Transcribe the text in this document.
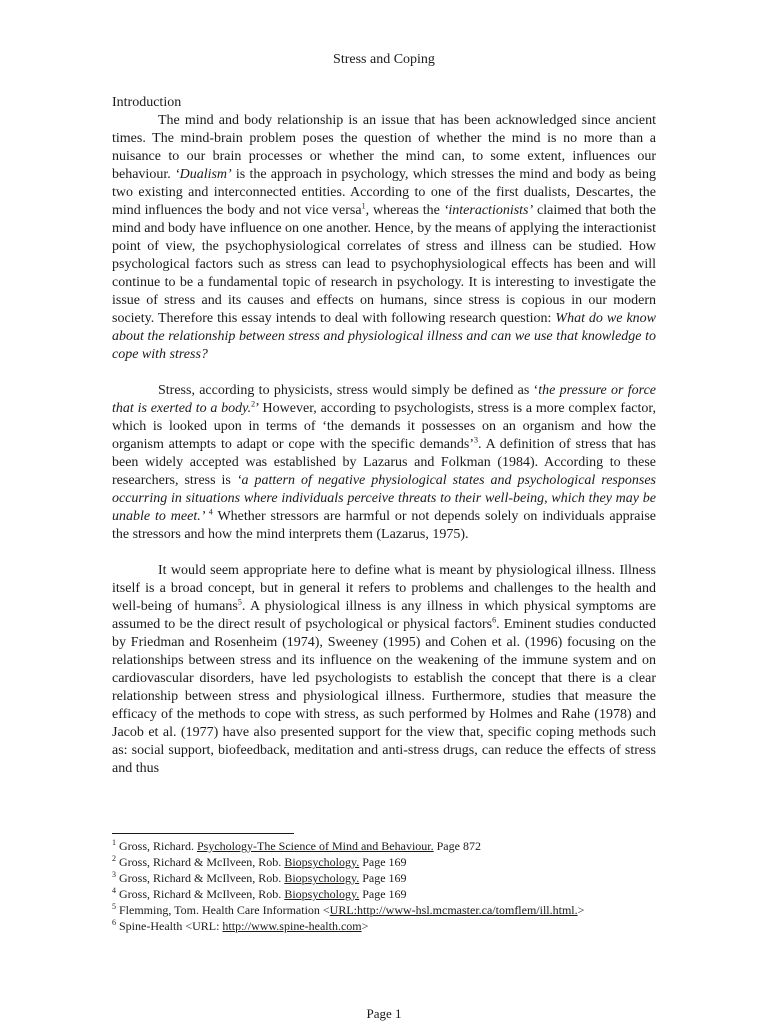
Stress and Coping
Introduction

The mind and body relationship is an issue that has been acknowledged since ancient times. The mind-brain problem poses the question of whether the mind is no more than a nuisance to our brain processes or whether the mind can, to some extent, influences our behaviour. ‘Dualism’ is the approach in psychology, which stresses the mind and body as being two existing and interconnected entities. According to one of the first dualists, Descartes, the mind influences the body and not vice versa$^1$, whereas the ‘interactionists’ claimed that both the mind and body have influence on one another. Hence, by the means of applying the interactionist point of view, the psychophysiological correlates of stress and illness can be studied. How psychological factors such as stress can lead to psychophysiological effects has been and will continue to be a fundamental topic of research in psychology. It is interesting to investigate the issue of stress and its causes and effects on humans, since stress is copious in our modern society. Therefore this essay intends to deal with following research question: What do we know about the relationship between stress and physiological illness and can we use that knowledge to cope with stress?

Stress, according to physicists, stress would simply be defined as ‘the pressure or force that is exerted to a body.$^2$’ However, according to psychologists, stress is a more complex factor, which is looked upon in terms of ‘the demands it possesses on an organism and how the organism attempts to adapt or cope with the specific demands’$^3$. A definition of stress that has been widely accepted was established by Lazarus and Folkman (1984). According to these researchers, stress is ‘a pattern of negative physiological states and psychological responses occurring in situations where individuals perceive threats to their well-being, which they may be unable to meet.’ $^4$ Whether stressors are harmful or not depends solely on individuals appraise the stressors and how the mind interprets them (Lazarus, 1975).

It would seem appropriate here to define what is meant by physiological illness. Illness itself is a broad concept, but in general it refers to problems and challenges to the health and well-being of humans$^5$. A physiological illness is any illness in which physical symptoms are assumed to be the direct result of psychological or physical factors$^6$. Eminent studies conducted by Friedman and Rosenheim (1974), Sweeney (1995) and Cohen et al. (1996) focusing on the relationships between stress and its influence on the weakening of the immune system and on cardiovascular disorders, have led psychologists to establish the concept that there is a clear relationship between stress and physiological illness. Furthermore, studies that measure the efficacy of the methods to cope with stress, as such performed by Holmes and Rahe (1978) and Jacob et al. (1977) have also presented support for the view that, specific coping methods such as: social support, biofeedback, meditation and anti-stress drugs, can reduce the effects of stress and thus

$^1$ Gross, Richard. Psychology-The Science of Mind and Behaviour. Page 872
$^2$ Gross, Richard & McIlveen, Rob. Biopsychology. Page 169
$^3$ Gross, Richard & McIlveen, Rob. Biopsychology. Page 169
$^4$ Gross, Richard & McIlveen, Rob. Biopsychology. Page 169
$^5$ Flemming, Tom. Health Care Information <URL:http://www-hsl.mcmaster.ca/tomflem/ill.html.>
$^6$ Spine-Health <URL: http://www.spine-health.com>
Page 1
